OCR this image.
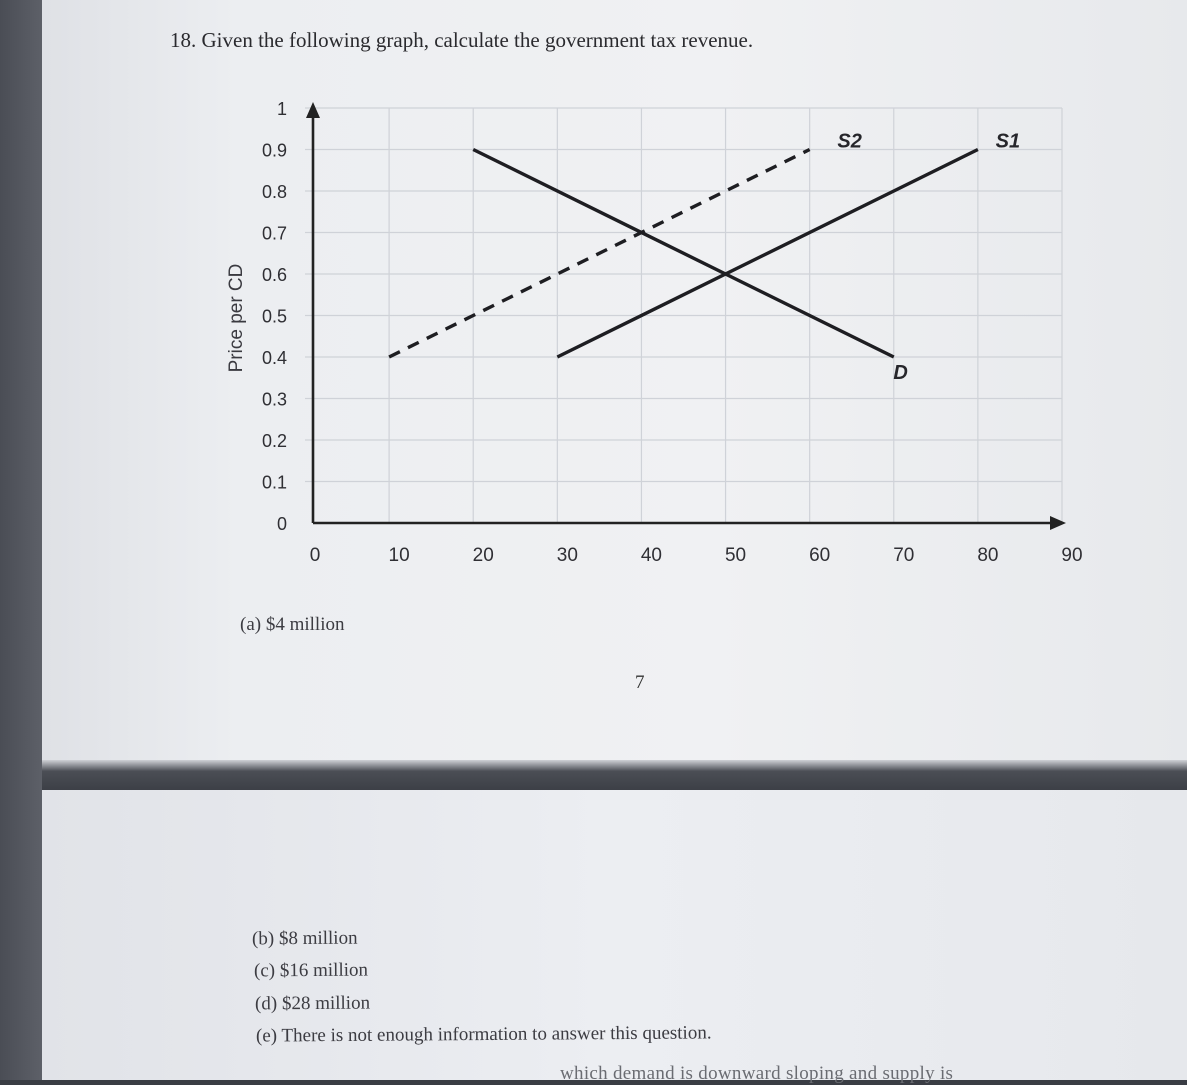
18. Given the following graph, calculate the government tax revenue.
0	10	20	30	40	50	60	70	80	90
0
0.1
0.2
0.3
0.4
0.5
0.6
0.7
0.8
0.9
1
Price per CD
D
S1
S2
(a) $4 million
7
(b) $8 million
(c) $16 million
(d) $28 million
(e) There is not enough information to answer this question.
which demand is downward sloping and supply is
